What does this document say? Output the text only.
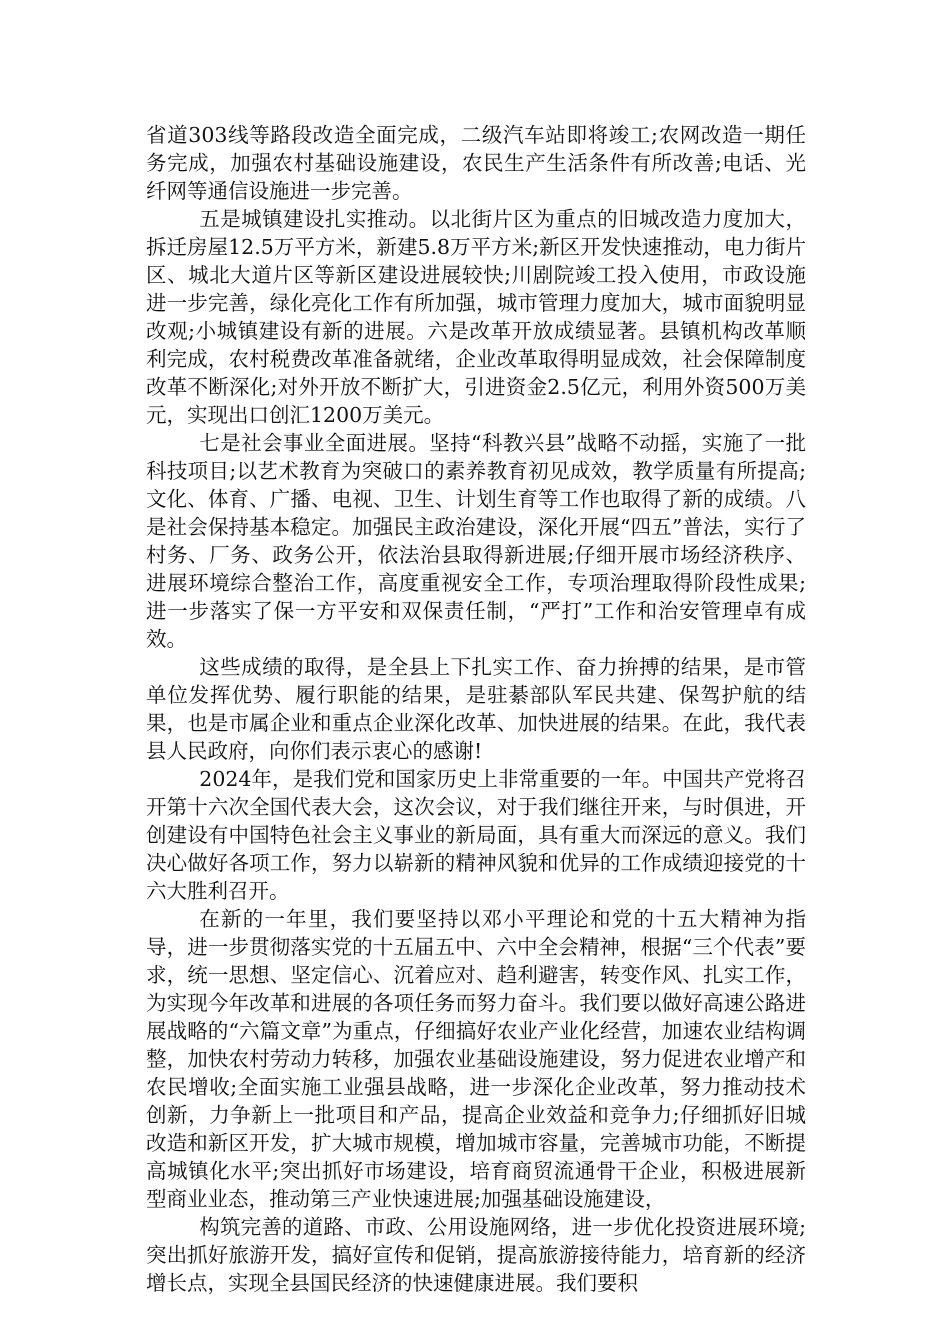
省道303线等路段改造全面完成，二级汽车站即将竣工;农网改造一期任务完成，加强农村基础设施建设，农民生产生活条件有所改善;电话、光纤网等通信设施进一步完善。

五是城镇建设扎实推动。以北街片区为重点的旧城改造力度加大，拆迁房屋12.5万平方米，新建5.8万平方米;新区开发快速推动，电力街片区、城北大道片区等新区建设进展较快;川剧院竣工投入使用，市政设施进一步完善，绿化亮化工作有所加强，城市管理力度加大，城市面貌明显改观;小城镇建设有新的进展。六是改革开放成绩显著。县镇机构改革顺利完成，农村税费改革准备就绪，企业改革取得明显成效，社会保障制度改革不断深化;对外开放不断扩大，引进资金2.5亿元，利用外资500万美元，实现出口创汇1200万美元。

七是社会事业全面进展。坚持“科教兴县”战略不动摇，实施了一批科技项目;以艺术教育为突破口的素养教育初见成效，教学质量有所提高;文化、体育、广播、电视、卫生、计划生育等工作也取得了新的成绩。八是社会保持基本稳定。加强民主政治建设，深化开展“四五”普法，实行了村务、厂务、政务公开，依法治县取得新进展;仔细开展市场经济秩序、进展环境综合整治工作，高度重视安全工作，专项治理取得阶段性成果;进一步落实了保一方平安和双保责任制，“严打”工作和治安管理卓有成效。

这些成绩的取得，是全县上下扎实工作、奋力拚搏的结果，是市管单位发挥优势、履行职能的结果，是驻綦部队军民共建、保驾护航的结果，也是市属企业和重点企业深化改革、加快进展的结果。在此，我代表县人民政府，向你们表示衷心的感谢!

2024年，是我们党和国家历史上非常重要的一年。中国共产党将召开第十六次全国代表大会，这次会议，对于我们继往开来，与时俱进，开创建设有中国特色社会主义事业的新局面，具有重大而深远的意义。我们决心做好各项工作，努力以崭新的精神风貌和优异的工作成绩迎接党的十六大胜利召开。

在新的一年里，我们要坚持以邓小平理论和党的十五大精神为指导，进一步贯彻落实党的十五届五中、六中全会精神，根据“三个代表”要求，统一思想、坚定信心、沉着应对、趋利避害，转变作风、扎实工作，为实现今年改革和进展的各项任务而努力奋斗。我们要以做好高速公路进展战略的“六篇文章”为重点，仔细搞好农业产业化经营，加速农业结构调整，加快农村劳动力转移，加强农业基础设施建设，努力促进农业增产和农民增收;全面实施工业强县战略，进一步深化企业改革，努力推动技术创新，力争新上一批项目和产品，提高企业效益和竞争力;仔细抓好旧城改造和新区开发，扩大城市规模，增加城市容量，完善城市功能，不断提高城镇化水平;突出抓好市场建设，培育商贸流通骨干企业，积极进展新型商业业态，推动第三产业快速进展;加强基础设施建设，

构筑完善的道路、市政、公用设施网络，进一步优化投资进展环境;突出抓好旅游开发，搞好宣传和促销，提高旅游接待能力，培育新的经济增长点，实现全县国民经济的快速健康进展。我们要积
